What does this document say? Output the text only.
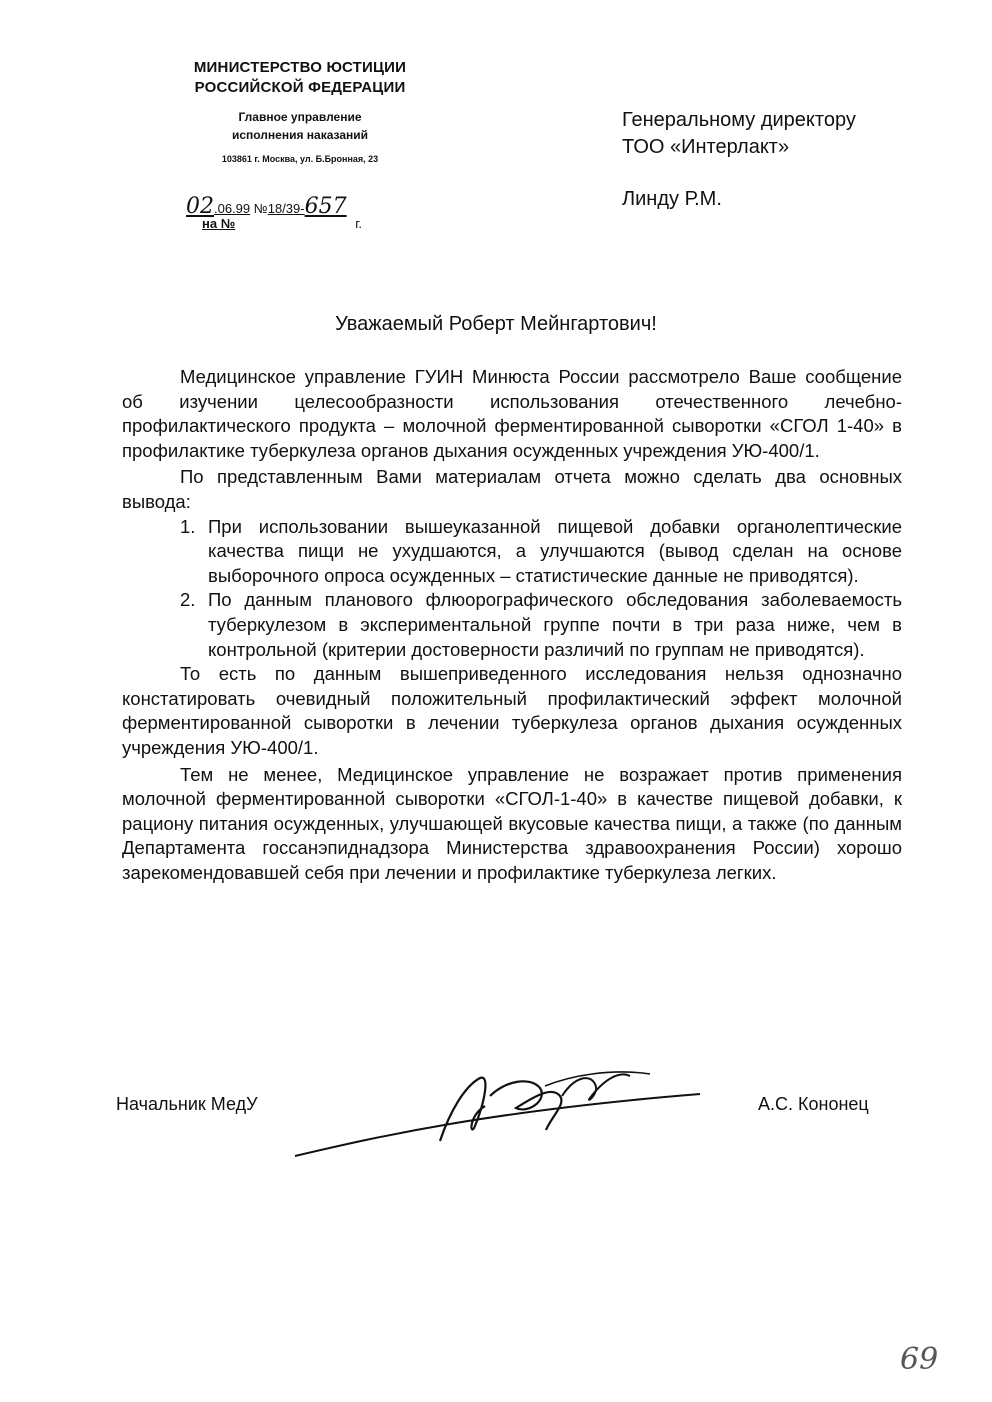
МИНИСТЕРСТВО ЮСТИЦИИ
РОССИЙСКОЙ ФЕДЕРАЦИИ
Главное управление
исполнения наказаний
103861 г. Москва, ул. Б.Бронная, 23
02.06.99 №18/39-657
на №	г.
Генеральному директору
ТОО «Интерлакт»
Линду Р.М.
Уважаемый Роберт Мейнгартович!

Медицинское управление ГУИН Минюста России рассмотрело Ваше сообщение об изучении целесообразности использования отечественного лечебно-профилактического продукта – молочной ферментированной сыворотки «СГОЛ 1-40» в профилактике туберкулеза органов дыхания осужденных учреждения УЮ-400/1.

По представленным Вами материалам отчета можно сделать два основных вывода:

1. При использовании вышеуказанной пищевой добавки органолептические качества пищи не ухудшаются, а улучшаются (вывод сделан на основе выборочного опроса осужденных – статистические данные не приводятся).
2. По данным планового флюорографического обследования заболеваемость туберкулезом в экспериментальной группе почти в три раза ниже, чем в контрольной (критерии достоверности различий по группам не приводятся).

То есть по данным вышеприведенного исследования нельзя однозначно констатировать очевидный положительный профилактический эффект молочной ферментированной сыворотки в лечении туберкулеза органов дыхания осужденных учреждения УЮ-400/1.

Тем не менее, Медицинское управление не возражает против применения молочной ферментированной сыворотки «СГОЛ-1-40» в качестве пищевой добавки, к рациону питания осужденных, улучшающей вкусовые качества пищи, а также (по данным Департамента госсанэпиднадзора Министерства здравоохранения России) хорошо зарекомендовавшей себя при лечении и профилактике туберкулеза легких.

Начальник МедУ	А.С. Кононец
69
